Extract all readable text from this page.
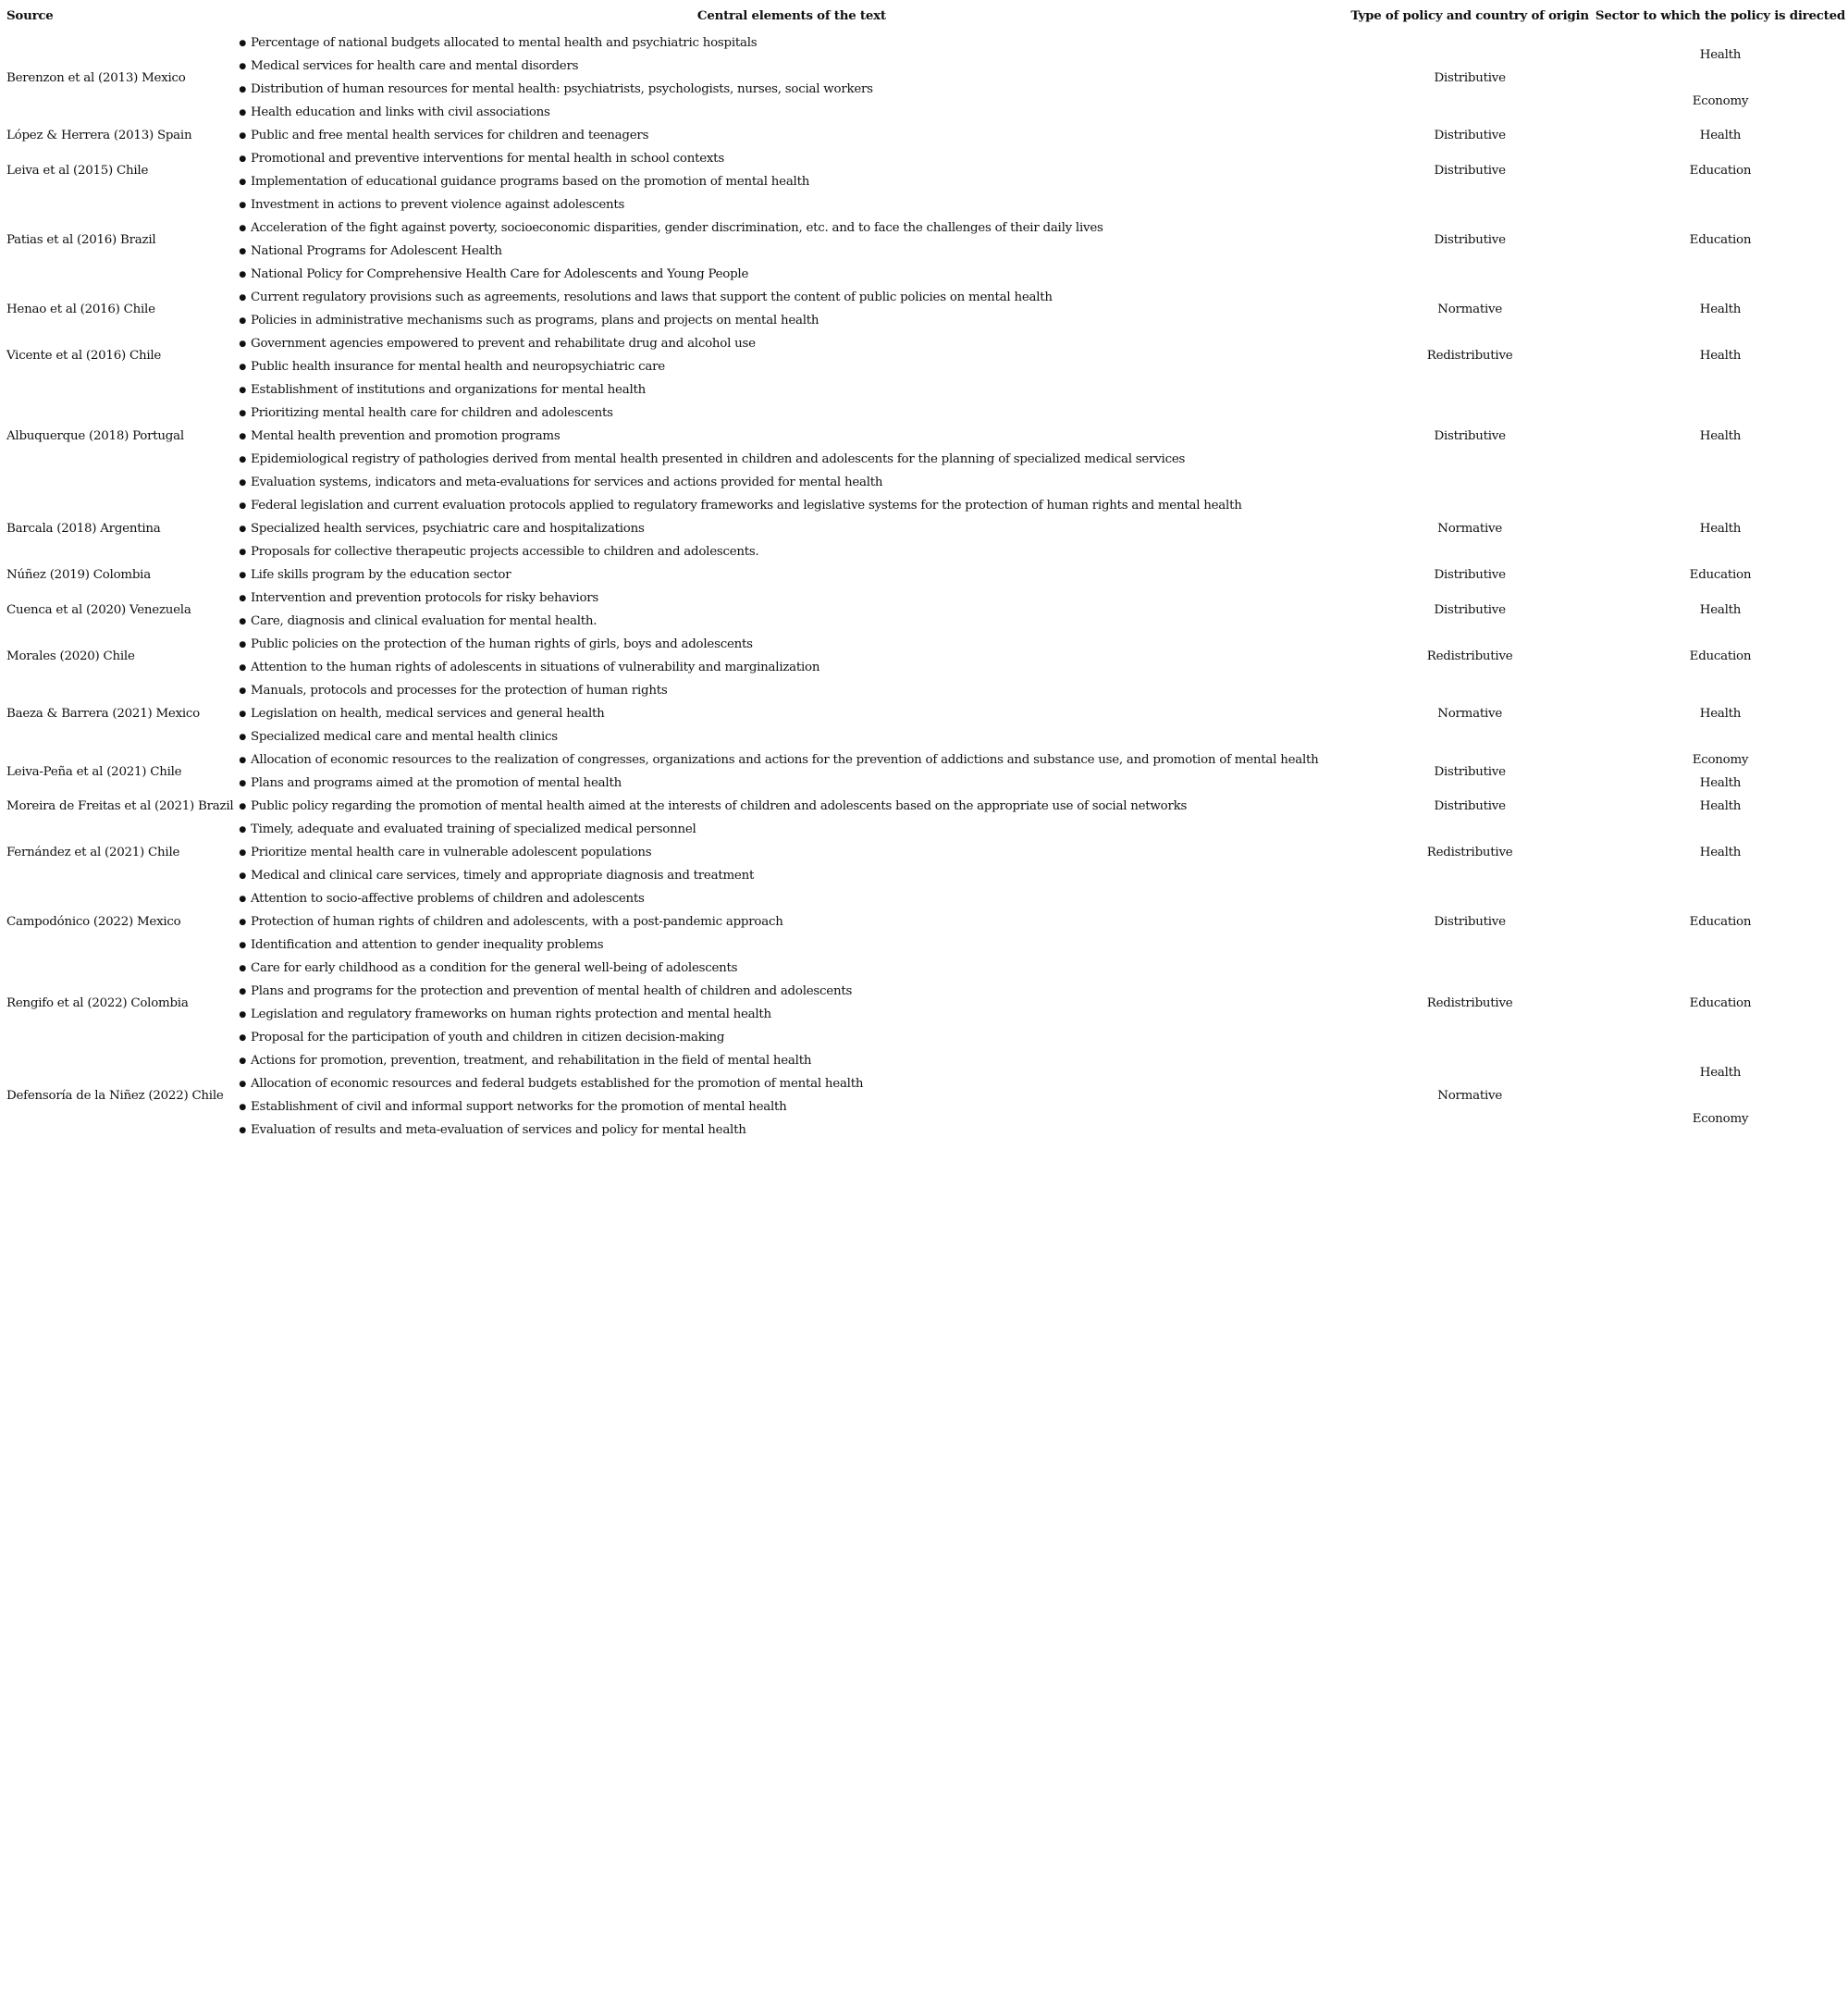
Source	Central elements of the text	Type of policy and country of origin	Sector to which the policy is directed
Berenzon et al (2013) Mexico	● Percentage of national budgets allocated to mental health and psychiatric hospitals
● Medical services for health care and mental disorders
● Distribution of human resources for mental health: psychiatrists, psychologists, nurses, social workers
● Health education and links with civil associations	Distributive	Health
Economy

López & Herrera (2013) Spain	● Public and free mental health services for children and teenagers	Distributive	Health

Leiva et al (2015) Chile	● Promotional and preventive interventions for mental health in school contexts
● Implementation of educational guidance programs based on the promotion of mental health	Distributive	Education

Patias et al (2016) Brazil	● Investment in actions to prevent violence against adolescents
● Acceleration of the fight against poverty, socioeconomic disparities, gender discrimination, etc. and to face the challenges of their daily lives
● National Programs for Adolescent Health
● National Policy for Comprehensive Health Care for Adolescents and Young People	Distributive	Education

Henao et al (2016) Chile	● Current regulatory provisions such as agreements, resolutions and laws that support the content of public policies on mental health
● Policies in administrative mechanisms such as programs, plans and projects on mental health	Normative	Health

Vicente et al (2016) Chile	● Government agencies empowered to prevent and rehabilitate drug and alcohol use
● Public health insurance for mental health and neuropsychiatric care	Redistributive	Health

Albuquerque (2018) Portugal	● Establishment of institutions and organizations for mental health
● Prioritizing mental health care for children and adolescents
● Mental health prevention and promotion programs
● Epidemiological registry of pathologies derived from mental health presented in children and adolescents for the planning of specialized medical services
● Evaluation systems, indicators and meta-evaluations for services and actions provided for mental health	Distributive	Health

Barcala (2018) Argentina	● Federal legislation and current evaluation protocols applied to regulatory frameworks and legislative systems for the protection of human rights and mental health
● Specialized health services, psychiatric care and hospitalizations
● Proposals for collective therapeutic projects accessible to children and adolescents.	Normative	Health

Núñez (2019) Colombia	● Life skills program by the education sector	Distributive	Education

Cuenca et al (2020) Venezuela	● Intervention and prevention protocols for risky behaviors
● Care, diagnosis and clinical evaluation for mental health.	Distributive	Health

Morales (2020) Chile	● Public policies on the protection of the human rights of girls, boys and adolescents
● Attention to the human rights of adolescents in situations of vulnerability and marginalization	Redistributive	Education

Baeza & Barrera (2021) Mexico	● Manuals, protocols and processes for the protection of human rights
● Legislation on health, medical services and general health
● Specialized medical care and mental health clinics	Normative	Health

Leiva-Peña et al (2021) Chile	● Allocation of economic resources to the realization of congresses, organizations and actions for the prevention of addictions and substance use, and promotion of mental health
● Plans and programs aimed at the promotion of mental health	Distributive	Economy
Health

Moreira de Freitas et al (2021) Brazil	● Public policy regarding the promotion of mental health aimed at the interests of children and adolescents based on the appropriate use of social networks	Distributive	Health

Fernández et al (2021) Chile	● Timely, adequate and evaluated training of specialized medical personnel
● Prioritize mental health care in vulnerable adolescent populations
● Medical and clinical care services, timely and appropriate diagnosis and treatment	Redistributive	Health

Campodónico (2022) Mexico	● Attention to socio-affective problems of children and adolescents
● Protection of human rights of children and adolescents, with a post-pandemic approach
● Identification and attention to gender inequality problems	Distributive	Education

Rengifo et al (2022) Colombia	● Care for early childhood as a condition for the general well-being of adolescents
● Plans and programs for the protection and prevention of mental health of children and adolescents
● Legislation and regulatory frameworks on human rights protection and mental health
● Proposal for the participation of youth and children in citizen decision-making	Redistributive	Education

Defensoría de la Niñez (2022) Chile	● Actions for promotion, prevention, treatment, and rehabilitation in the field of mental health
● Allocation of economic resources and federal budgets established for the promotion of mental health
● Establishment of civil and informal support networks for the promotion of mental health
● Evaluation of results and meta-evaluation of services and policy for mental health	Normative	Health
Economy
